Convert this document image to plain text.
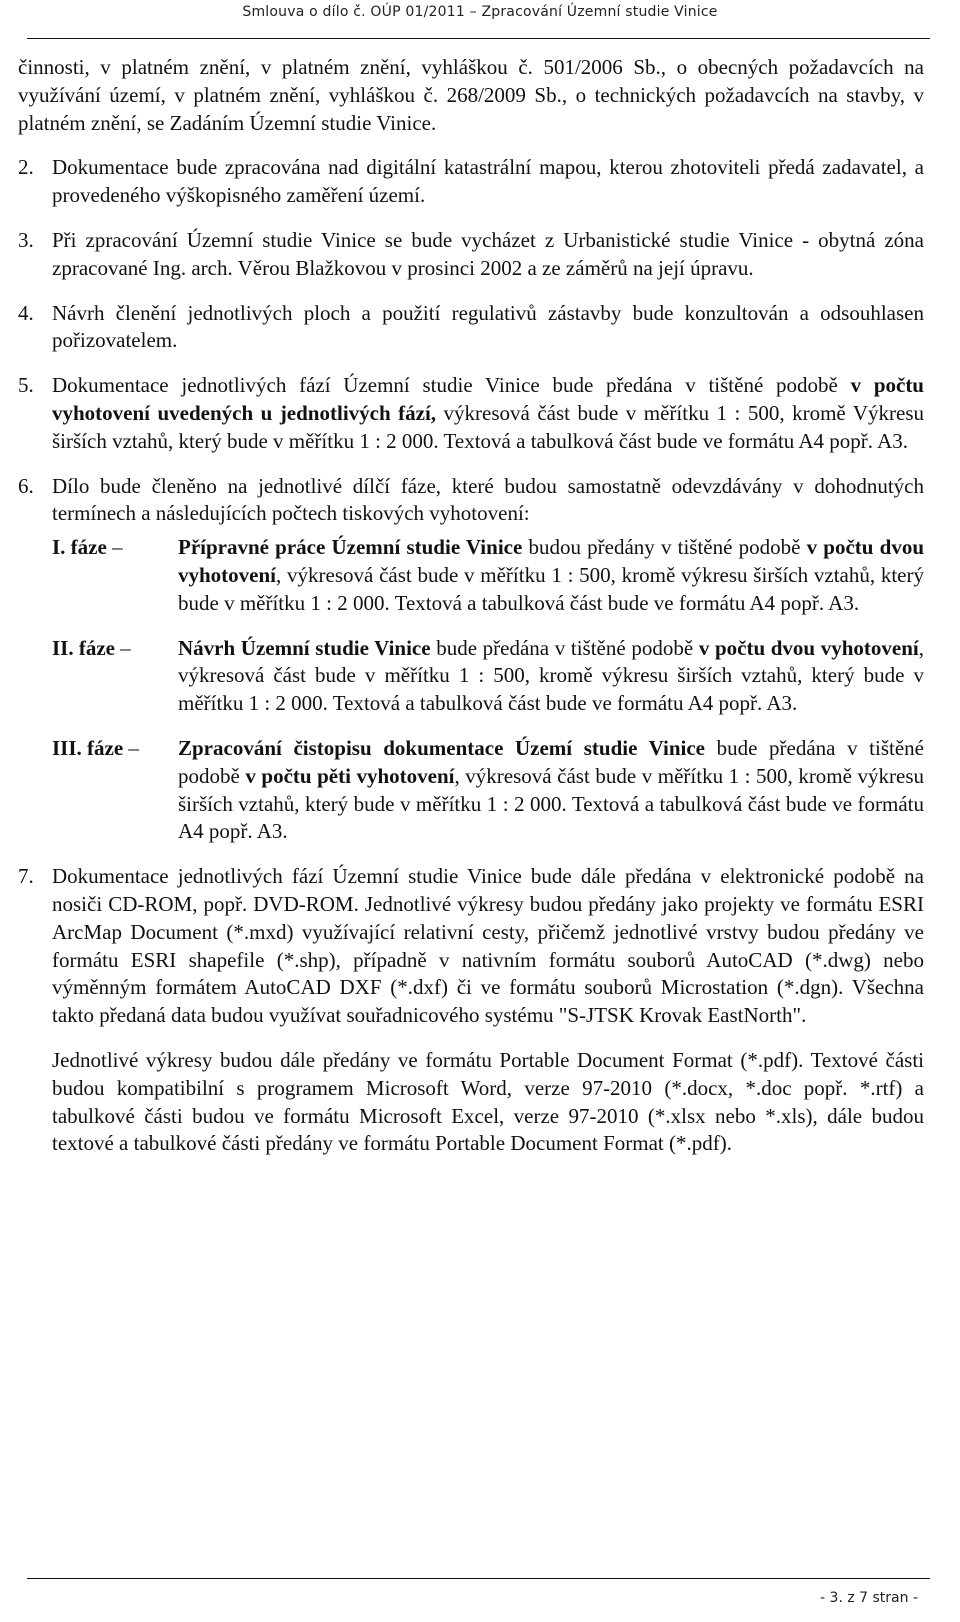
Smlouva o dílo č. OÚP 01/2011 – Zpracování Územní studie Vinice

činnosti, v platném znění, v platném znění, vyhláškou č. 501/2006 Sb., o obecných požadavcích na využívání území, v platném znění, vyhláškou č. 268/2009 Sb., o technických požadavcích na stavby, v platném znění, se Zadáním Územní studie Vinice.

2. Dokumentace bude zpracována nad digitální katastrální mapou, kterou zhotoviteli předá zadavatel, a provedeného výškopisného zaměření území.
3. Při zpracování Územní studie Vinice se bude vycházet z Urbanistické studie Vinice - obytná zóna zpracované Ing. arch. Věrou Blažkovou v prosinci 2002 a ze záměrů na její úpravu.
4. Návrh členění jednotlivých ploch a použití regulativů zástavby bude konzultován a odsouhlasen pořizovatelem.
5. Dokumentace jednotlivých fází Územní studie Vinice bude předána v tištěné podobě v počtu vyhotovení uvedených u jednotlivých fází, výkresová část bude v měřítku 1 : 500, kromě Výkresu širších vztahů, který bude v měřítku 1 : 2 000. Textová a tabulková část bude ve formátu A4 popř. A3.
6. Dílo bude členěno na jednotlivé dílčí fáze, které budou samostatně odevzdávány v dohodnutých termínech a následujících počtech tiskových vyhotovení:
I. fáze –	Přípravné práce Územní studie Vinice budou předány v tištěné podobě v počtu dvou vyhotovení, výkresová část bude v měřítku 1 : 500, kromě výkresu širších vztahů, který bude v měřítku 1 : 2 000. Textová a tabulková část bude ve formátu A4 popř. A3.
II. fáze –	Návrh Územní studie Vinice bude předána v tištěné podobě v počtu dvou vyhotovení, výkresová část bude v měřítku 1 : 500, kromě výkresu širších vztahů, který bude v měřítku 1 : 2 000. Textová a tabulková část bude ve formátu A4 popř. A3.
III. fáze –	Zpracování čistopisu dokumentace Území studie Vinice bude předána v tištěné podobě v počtu pěti vyhotovení, výkresová část bude v měřítku 1 : 500, kromě výkresu širších vztahů, který bude v měřítku 1 : 2 000. Textová a tabulková část bude ve formátu A4 popř. A3.
7. Dokumentace jednotlivých fází Územní studie Vinice bude dále předána v elektronické podobě na nosiči CD-ROM, popř. DVD-ROM. Jednotlivé výkresy budou předány jako projekty ve formátu ESRI ArcMap Document (*.mxd) využívající relativní cesty, přičemž jednotlivé vrstvy budou předány ve formátu ESRI shapefile (*.shp), případně v nativním formátu souborů AutoCAD (*.dwg) nebo výměnným formátem AutoCAD DXF (*.dxf) či ve formátu souborů Microstation (*.dgn). Všechna takto předaná data budou využívat souřadnicového systému "S-JTSK Krovak EastNorth".

Jednotlivé výkresy budou dále předány ve formátu Portable Document Format (*.pdf). Textové části budou kompatibilní s programem Microsoft Word, verze 97-2010 (*.docx, *.doc popř. *.rtf) a tabulkové části budou ve formátu Microsoft Excel, verze 97-2010 (*.xlsx nebo *.xls), dále budou textové a tabulkové části předány ve formátu Portable Document Format (*.pdf).

- 3. z 7 stran -
